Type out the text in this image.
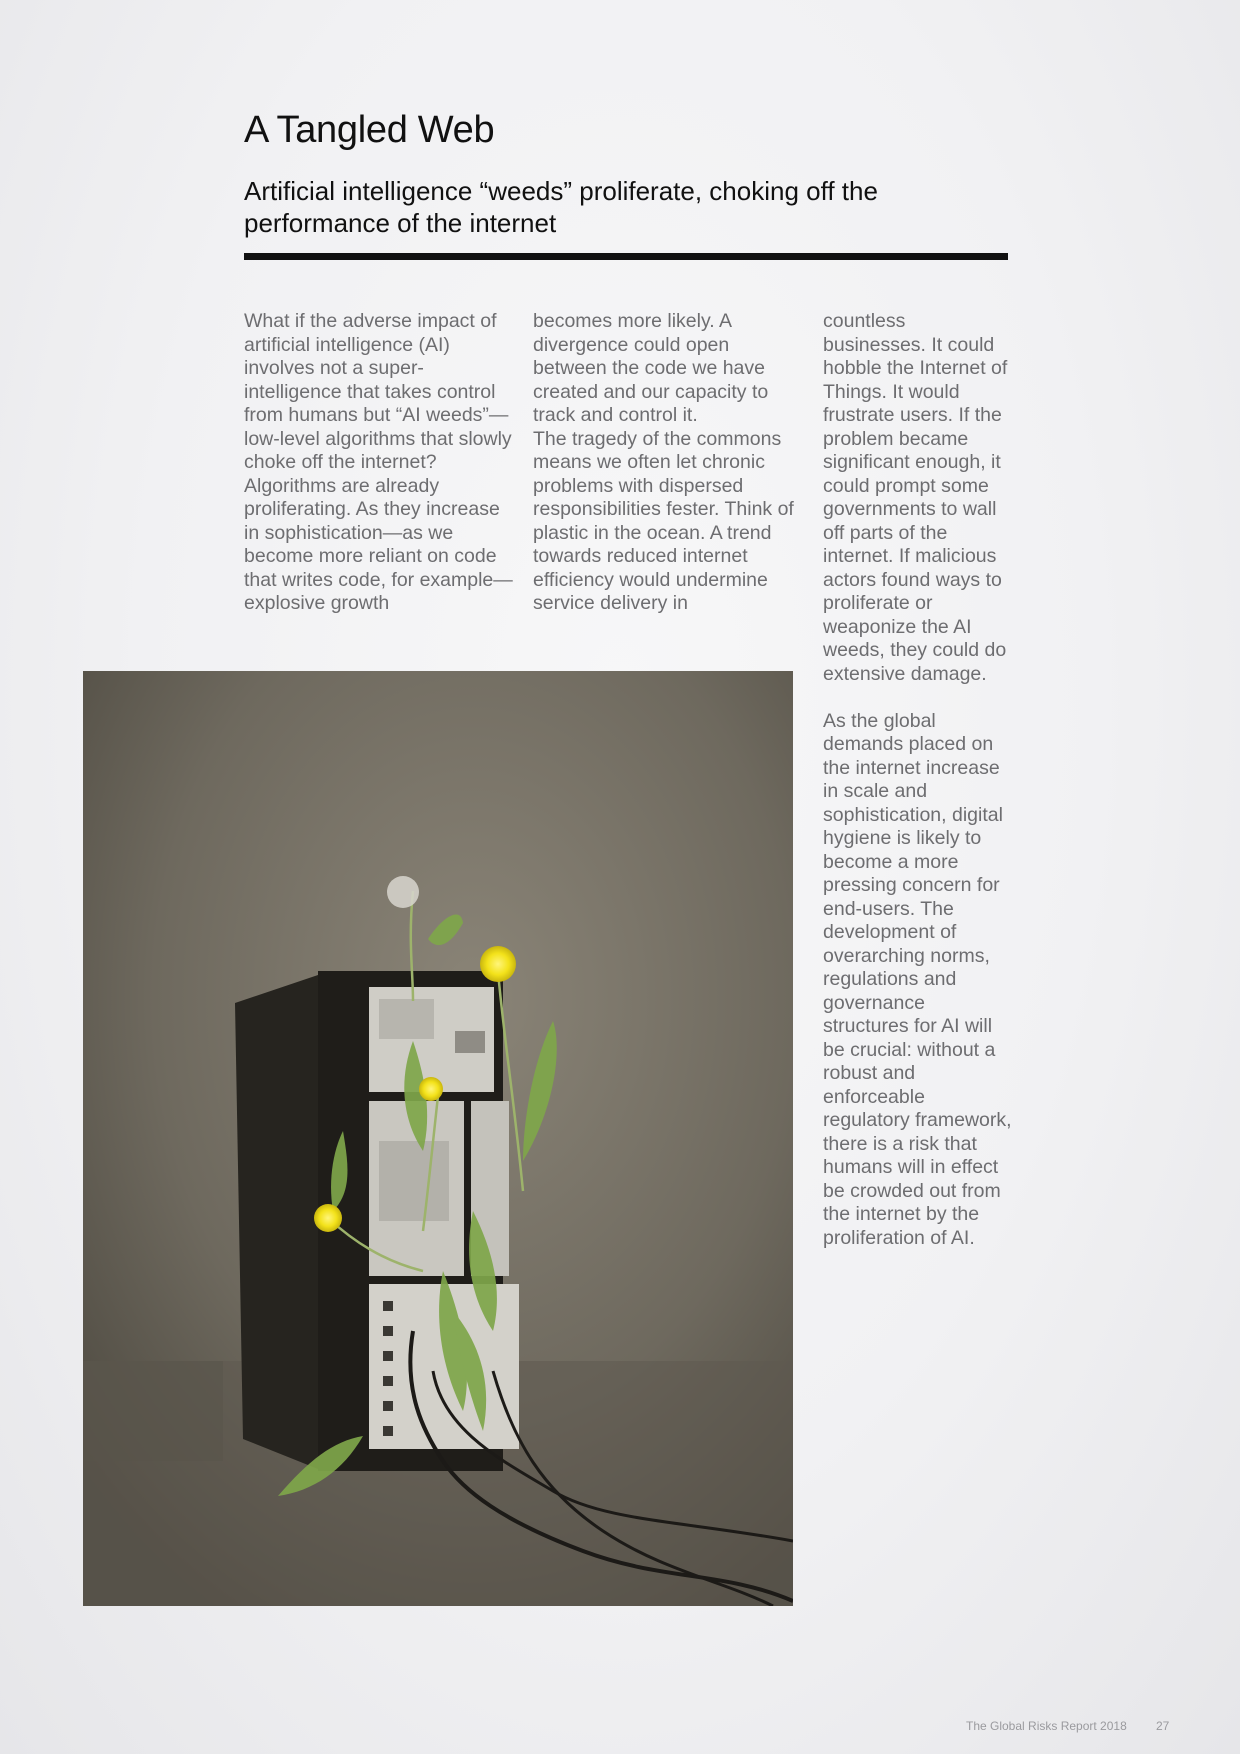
A Tangled Web
Artificial intelligence “weeds” proliferate, choking off the performance of the internet

What if the adverse impact of artificial intelligence (AI) involves not a super-intelligence that takes control from humans but “AI weeds”—low-level algorithms that slowly choke off the internet? Algorithms are already proliferating. As they increase in sophistication—as we become more reliant on code that writes code, for example—explosive growth

becomes more likely. A divergence could open between the code we have created and our capacity to track and control it.

The tragedy of the commons means we often let chronic problems with dispersed responsibilities fester. Think of plastic in the ocean. A trend towards reduced internet efficiency would undermine service delivery in

countless businesses. It could hobble the Internet of Things. It would frustrate users. If the problem became significant enough, it could prompt some governments to wall off parts of the internet. If malicious actors found ways to proliferate or weaponize the AI weeds, they could do extensive damage.

As the global demands placed on the internet increase in scale and sophistication, digital hygiene is likely to become a more pressing concern for end-users. The development of overarching norms, regulations and governance structures for AI will be crucial: without a robust and enforceable regulatory framework, there is a risk that humans will in effect be crowded out from the internet by the proliferation of AI.

The Global Risks Report 2018 27
